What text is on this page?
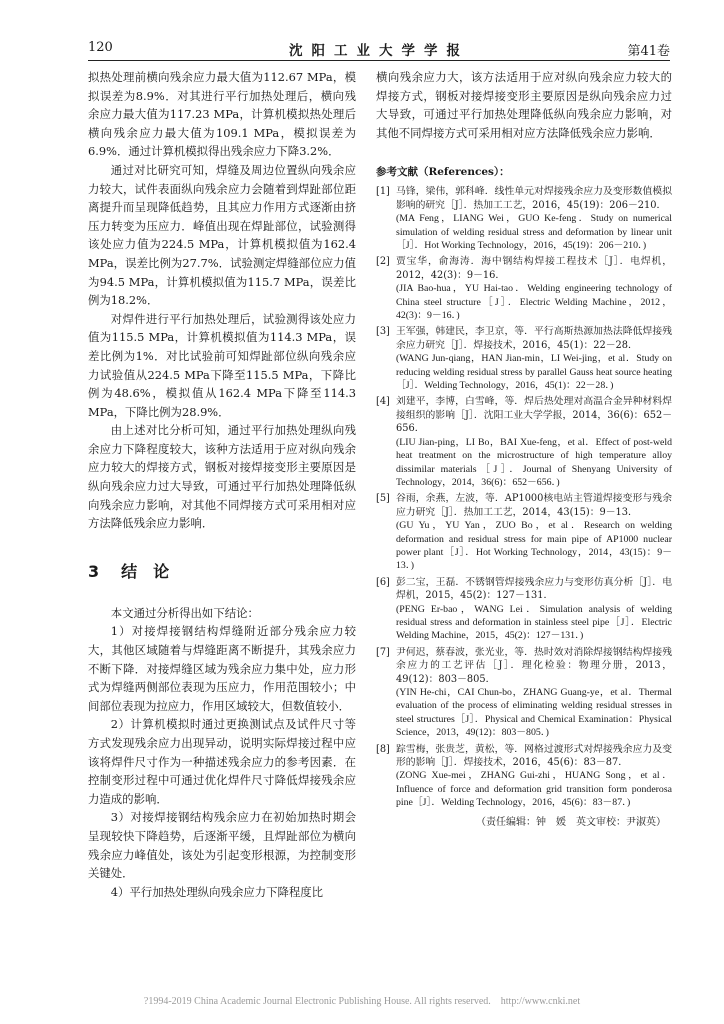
120	沈阳工业大学学报	第41卷

拟热处理前横向残余应力最大值为112.67 MPa，模拟误差为8.9%．对其进行平行加热处理后，横向残余应力最大值为117.23 MPa，计算机模拟热处理后横向残余应力最大值为109.1 MPa，模拟误差为6.9%．通过计算机模拟得出残余应力下降3.2%．

通过对比研究可知，焊缝及周边位置纵向残余应力较大，试件表面纵向残余应力会随着到焊趾部位距离提升而呈现降低趋势，且其应力作用方式逐渐由挤压力转变为压应力．峰值出现在焊趾部位，试验测得该处应力值为224.5 MPa，计算机模拟值为162.4 MPa，误差比例为27.7%．试验测定焊缝部位应力值为94.5 MPa，计算机模拟值为115.7 MPa，误差比例为18.2%．

对焊件进行平行加热处理后，试验测得该处应力值为115.5 MPa，计算机模拟值为114.3 MPa，误差比例为1%．对比试验前可知焊趾部位纵向残余应力试验值从224.5 MPa下降至115.5 MPa，下降比例为48.6%，模拟值从162.4 MPa下降至114.3 MPa，下降比例为28.9%．

由上述对比分析可知，通过平行加热处理纵向残余应力下降程度较大，该种方法适用于应对纵向残余应力较大的焊接方式，钢板对接焊接变形主要原因是纵向残余应力过大导致，可通过平行加热处理降低纵向残余应力影响，对其他不同焊接方式可采用相对应方法降低残余应力影响．

3 结　论

本文通过分析得出如下结论：

1）对接焊接钢结构焊缝附近部分残余应力较大，其他区域随着与焊缝距离不断提升，其残余应力不断下降．对接焊缝区域为残余应力集中处，应力形式为焊缝两侧部位表现为压应力，作用范围较小；中间部位表现为拉应力，作用区域较大，但数值较小．

2）计算机模拟时通过更换测试点及试件尺寸等方式发现残余应力出现异动，说明实际焊接过程中应该将焊件尺寸作为一种描述残余应力的参考因素．在控制变形过程中可通过优化焊件尺寸降低焊接残余应力造成的影响．

3）对接焊接钢结构残余应力在初始加热时期会呈现较快下降趋势，后逐渐平缓，且焊趾部位为横向残余应力峰值处，该处为引起变形根源，为控制变形关键处．

4）平行加热处理纵向残余应力下降程度比

横向残余应力大，该方法适用于应对纵向残余应力较大的焊接方式，钢板对接焊接变形主要原因是纵向残余应力过大导致，可通过平行加热处理降低纵向残余应力影响，对其他不同焊接方式可采用相对应方法降低残余应力影响．

参考文献（References）：
[1] 马锋，梁伟，郭科峰．线性单元对焊接残余应力及变形数值模拟影响的研究［J］．热加工工艺，2016，45(19)：206－210．
(MA Feng，LIANG Wei，GUO Ke-feng．Study on numerical simulation of welding residual stress and deformation by linear unit［J］．Hot Working Technology，2016，45(19)：206－210．)
[2] 贾宝华，俞海涛．海中钢结构焊接工程技术［J］．电焊机，2012，42(3)：9－16．
(JIA Bao-hua，YU Hai-tao．Welding engineering technology of China steel structure［J］．Electric Welding Machine，2012，42(3)：9－16．)
[3] 王军强，韩建民，李卫京，等．平行高斯热源加热法降低焊接残余应力研究［J］．焊接技术，2016，45(1)：22－28．
(WANG Jun-qiang，HAN Jian-min，LI Wei-jing，et al．Study on reducing welding residual stress by parallel Gauss heat source heating［J］．Welding Technology，2016，45(1)：22－28．)
[4] 刘建平，李博，白雪峰，等．焊后热处理对高温合金异种材料焊接组织的影响［J］．沈阳工业大学学报，2014，36(6)：652－656．
(LIU Jian-ping，LI Bo，BAI Xue-feng，et al．Effect of post-weld heat treatment on the microstructure of high temperature alloy dissimilar materials［J］．Journal of Shenyang University of Technology，2014，36(6)：652－656．)
[5] 谷雨，余燕，左波，等．AP1000核电站主管道焊接变形与残余应力研究［J］．热加工工艺，2014，43(15)：9－13．
(GU Yu，YU Yan，ZUO Bo，et al．Research on welding deformation and residual stress for main pipe of AP1000 nuclear power plant［J］．Hot Working Technology，2014，43(15)：9－13．)
[6] 彭二宝，王磊．不锈钢管焊接残余应力与变形仿真分析［J］．电焊机，2015，45(2)：127－131．
(PENG Er-bao，WANG Lei．Simulation analysis of welding residual stress and deformation in stainless steel pipe［J］．Electric Welding Machine，2015，45(2)：127－131．)
[7] 尹何迟，蔡春波，张光业，等．热时效对消除焊接钢结构焊接残余应力的工艺评估［J］．理化检验：物理分册，2013，49(12)：803－805．
(YIN He-chi，CAI Chun-bo，ZHANG Guang-ye，et al．Thermal evaluation of the process of eliminating welding residual stresses in steel structures［J］．Physical and Chemical Examination：Physical Science，2013，49(12)：803－805．)
[8] 踪雪梅，张贵芝，黄松，等．网格过渡形式对焊接残余应力及变形的影响［J］．焊接技术，2016，45(6)：83－87．
(ZONG Xue-mei，ZHANG Gui-zhi，HUANG Song，et al．Influence of force and deformation grid transition form ponderosa pine［J］．Welding Technology，2016，45(6)：83－87．)
（责任编辑：钟　媛　英文审校：尹淑英）
?1994-2019 China Academic Journal Electronic Publishing House. All rights reserved.　http://www.cnki.net
